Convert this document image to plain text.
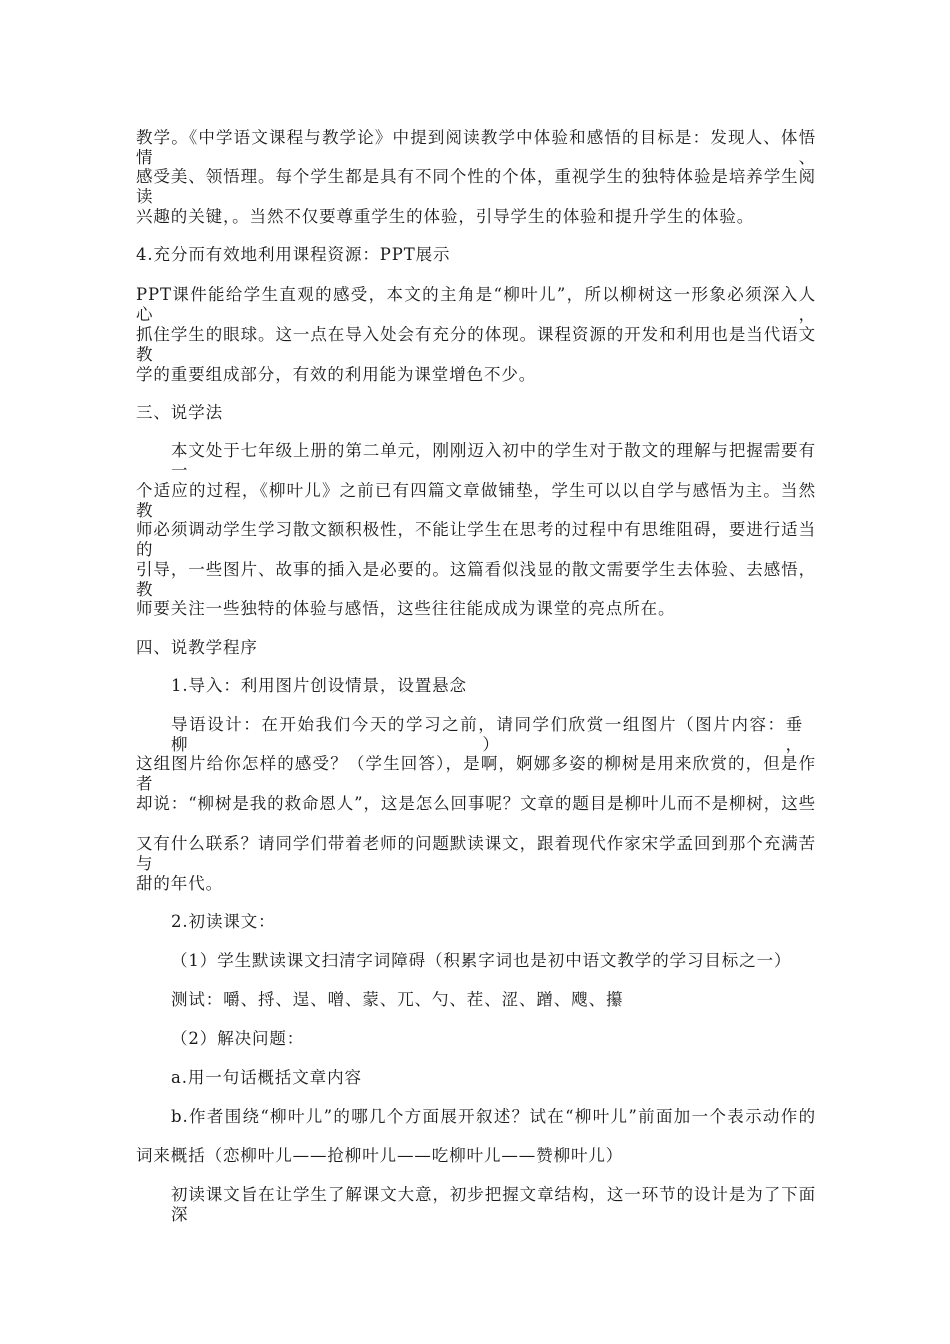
教学。《中学语文课程与教学论》中提到阅读教学中体验和感悟的目标是：发现人、体悟情、
感受美、领悟理。每个学生都是具有不同个性的个体，重视学生的独特体验是培养学生阅读
兴趣的关键，。当然不仅要尊重学生的体验，引导学生的体验和提升学生的体验。
4.充分而有效地利用课程资源：PPT展示
PPT课件能给学生直观的感受，本文的主角是“柳叶儿”，所以柳树这一形象必须深入人心，
抓住学生的眼球。这一点在导入处会有充分的体现。课程资源的开发和利用也是当代语文教
学的重要组成部分，有效的利用能为课堂增色不少。
三、说学法
本文处于七年级上册的第二单元，刚刚迈入初中的学生对于散文的理解与把握需要有一
个适应的过程，《柳叶儿》之前已有四篇文章做铺垫，学生可以以自学与感悟为主。当然教
师必须调动学生学习散文额积极性，不能让学生在思考的过程中有思维阻碍，要进行适当的
引导，一些图片、故事的插入是必要的。这篇看似浅显的散文需要学生去体验、去感悟，教
师要关注一些独特的体验与感悟，这些往往能成成为课堂的亮点所在。
四、说教学程序
1.导入：利用图片创设情景，设置悬念
导语设计：在开始我们今天的学习之前，请同学们欣赏一组图片（图片内容：垂柳），
这组图片给你怎样的感受？（学生回答），是啊，婀娜多姿的柳树是用来欣赏的，但是作者
却说：“柳树是我的救命恩人”，这是怎么回事呢？文章的题目是柳叶儿而不是柳树，这些
又有什么联系？请同学们带着老师的问题默读课文，跟着现代作家宋学孟回到那个充满苦与
甜的年代。
2.初读课文：
（1）学生默读课文扫清字词障碍（积累字词也是初中语文教学的学习目标之一）
测试：嚼、捋、逞、噌、蒙、兀、勺、茬、涩、蹭、飕、攥
（2）解决问题：
a.用一句话概括文章内容
b.作者围绕“柳叶儿”的哪几个方面展开叙述？试在“柳叶儿”前面加一个表示动作的
词来概括（恋柳叶儿——抢柳叶儿——吃柳叶儿——赞柳叶儿）
初读课文旨在让学生了解课文大意，初步把握文章结构，这一环节的设计是为了下面深
